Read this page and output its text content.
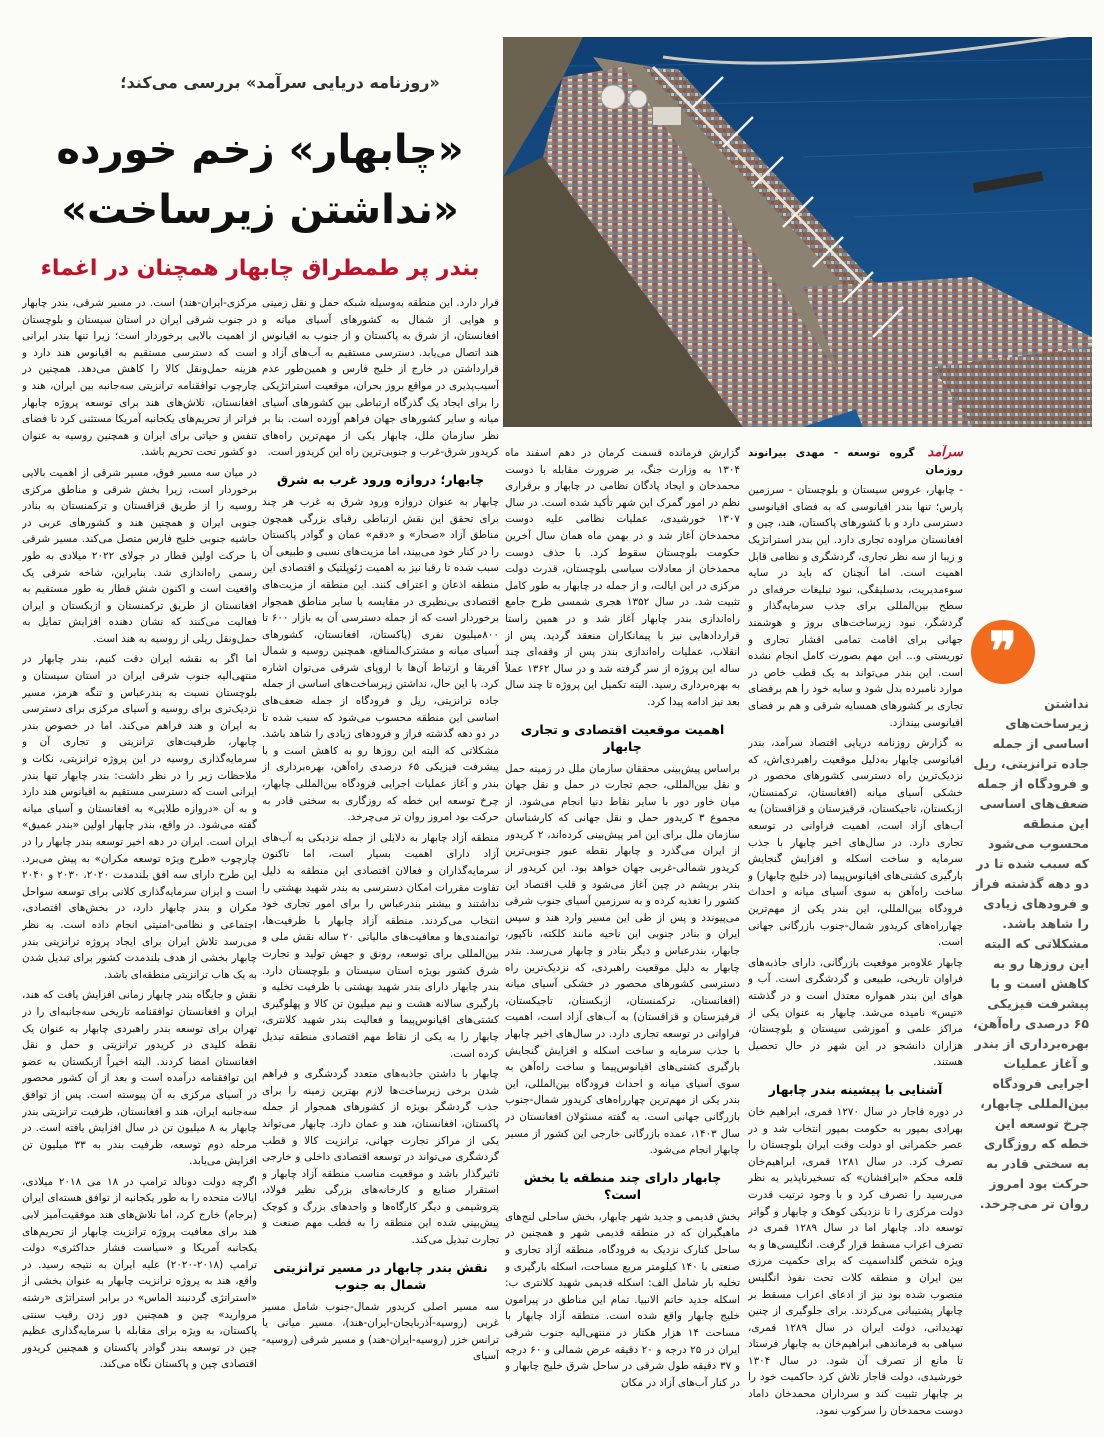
«روزنامه دریایی سرآمد» بررسی می‌کند؛
«چابهار» زخم خورده
«نداشتن زیرساخت»
بندر پر طمطراق چابهار همچنان در اغماء

سرآمد گروه توسعه - مهدی بیرانوند روزمان

- چابهار، عروس سیستان و بلوچستان - سرزمین پارس؛ تنها بندر اقیانوسی که به فضای اقیانوسی دسترسی دارد و با کشورهای پاکستان، هند، چین و افغانستان مراوده تجاری دارد. این بندر استراتژیک و زیبا از سه نظر تجاری، گردشگری و نظامی قابل اهمیت است. اما آنچنان که باید در سایه سوءمدیریت، بدسلیقگی، نبود تبلیغات حرفه‌ای در سطح بین‌المللی برای جذب سرمایه‌گذار و گردشگر، نبود زیرساخت‌های بروز و هوشمند جهانی برای اقامت تمامی اقشار تجاری و توریستی و... این مهم بصورت کامل انجام نشده است. این بندر می‌تواند به یک قطب خاص در موارد نامبرده بدل شود و سایه خود را هم برفضای تجاری بر کشورهای همسایه شرقی و هم بر فضای اقیانوسی بیندازد.

به گزارش روزنامه دریایی اقتصاد سرآمد، بندر اقیانوسی چابهار به‌دلیل موقعیت راهبردی‌اش، که نزدیک‌ترین راه دسترسی کشورهای محصور در خشکی آسیای میانه (افغانستان، ترکمنستان، ازبکستان، تاجیکستان، قرقیزستان و قزاقستان) به آب‌های آزاد است، اهمیت فراوانی در توسعه تجاری دارد. در سال‌های اخیر چابهار با جذب سرمایه و ساخت اسکله و افزایش گنجایش بارگیری کشتی‌های اقیانوس‌پیما (در خلیج چابهار) و ساخت راه‌آهن به سوی آسیای میانه و احداث فرودگاه بین‌المللی، این بندر یکی از مهم‌ترین چهارراه‌های کریدور شمال-جنوب بازرگانی جهانی است.

چابهار علاوه‌بر موقعیت بازرگانی، دارای جاذبه‌های فراوان تاریخی، طبیعی و گردشگری است. آب و هوای این بندر همواره معتدل است و در گذشته «تیس» نامیده می‌شد. چابهار به عنوان یکی از مراکز علمی و آموزشی سیستان و بلوچستان، هزاران دانشجو در این شهر در حال تحصیل هستند.

آشنایی با پیشینه بندر چابهار

در دوره قاجار در سال ۱۲۷۰ قمری، ابراهیم خان بهرادی بمپور به حکومت بمپور انتخاب شد و در عصر حکمرانی او دولت وقت ایران بلوچستان را تصرف کرد. در سال ۱۲۸۱ قمری، ابراهیم‌خان قلعه محکم «ابرافشان» که تسخیرناپذیر به نظر می‌رسید را تصرف کرد و با وجود ترتیب قدرت دولت مرکزی را تا نزدیکی کوهک و چابهار و گواتر توسعه داد. چابهار اما در سال ۱۲۸۹ قمری در تصرف اعراب مسقط قرار گرفت. انگلیسی‌ها و به ویژه شخص گلداسمیت که برای حکمیت مرزی بین ایران و منطقه کلات تحت نفوذ انگلیس منصوب شده بود نیز از ادعای اعراب مسقط بر چابهار پشتیبانی می‌کردند. برای جلوگیری از چنین تهدیداتی، دولت ایران در سال ۱۲۸۹ قمری، سپاهی به فرماندهی ابراهیم‌خان به چابهار فرستاد تا مانع از تصرف آن شود. در سال ۱۳۰۴ خورشیدی، دولت قاجار تلاش کرد حاکمیت خود را بر چابهار تثبیت کند و سرداران محمدخان داماد دوست محمدخان را سرکوب نمود.

گزارش فرمانده قسمت کرمان در دهم اسفند ماه ۱۳۰۴ به وزارت جنگ، بر ضرورت مقابله با دوست محمدخان و ایجاد پادگان نظامی در چابهار و برقراری نظم در امور گمرک این شهر تأکید شده است. در سال ۱۳۰۷ خورشیدی، عملیات نظامی علیه دوست محمدخان آغاز شد و در بهمن ماه همان سال آخرین حکومت بلوچستان سقوط کرد. با حذف دوست محمدخان از معادلات سیاسی بلوچستان، قدرت دولت مرکزی در این ایالت، و از جمله در چابهار به طور کامل تثبیت شد. در سال ۱۳۵۲ هجری شمسی طرح جامع راه‌اندازی بندر چابهار آغاز شد و در همین راستا قراردادهایی نیز با پیمانکاران منعقد گردید. پس از انقلاب، عملیات راه‌اندازی بندر پس از وقفه‌ای چند ساله این پروژه از سر گرفته شد و در سال ۱۳۶۲ عملاً به بهره‌برداری رسید. البته تکمیل این پروژه تا چند سال بعد نیز ادامه پیدا کرد.

اهمیت موقعیت اقتصادی و تجاری چابهار

براساس پیش‌بینی محققان سازمان ملل در زمینه حمل و نقل بین‌المللی، حجم تجارت در حمل و نقل جهان میان خاور دور با سایر نقاط دنیا انجام می‌شود. از مجموع ۳ کریدور حمل و نقل جهانی که کارشناسان سازمان ملل برای این امر پیش‌بینی کرده‌اند، ۲ کریدور از ایران می‌گذرد و چابهار نقطه عبور جنوبی‌ترین کریدور شمالی-غربی جهان خواهد بود. این کریدور از بندر بریشم در چین آغاز می‌شود و قلب اقتصاد این کشور را تغذیه کرده و به سرزمین آسیای جنوب شرقی می‌پیوندد و پس از طی این مسیر وارد هند و سپس ایران و بنادر جنوبی این ناحیه مانند کلکته، ناکپور، جابهار، بندرعباس و دیگر بنادر و چابهار می‌رسد. بندر چابهار به دلیل موقعیت راهبردی، که نزدیک‌ترین راه دسترسی کشورهای محصور در خشکی آسیای میانه (افغانستان، ترکمنستان، ازبکستان، تاجیکستان، قرقیزستان و قزاقستان) به آب‌های آزاد است، اهمیت فراوانی در توسعه تجاری دارد. در سال‌های اخیر چابهار با جذب سرمایه و ساخت اسکله و افزایش گنجایش بارگیری کشتی‌های اقیانوس‌پیما و ساخت راه‌آهن به سوی آسیای میانه و احداث فرودگاه بین‌المللی، این بندر یکی از مهم‌ترین چهارراه‌های کریدور شمال-جنوب بازرگانی جهانی است. به گفته مسئولان افغانستان در سال ۱۴۰۳، عمده بازرگانی خارجی این کشور از مسیر چابهار انجام می‌شود.

چابهار دارای چند منطقه یا بخش است؟

بخش قدیمی و جدید شهر چابهار، بخش ساحلی لنج‌های ماهیگیران که در منطقه قدیمی شهر و همچنین در ساحل کنارک نزدیک به فرودگاه، منطقه آزاد تجاری و صنعتی با ۱۴۰ کیلومتر مربع مساحت، اسکله بارگیری و تخلیه بار شامل الف: اسکله قدیمی شهید کلانتری ب: اسکله جدید خاتم الانبیا. تمام این مناطق در پیرامون خلیج چابهار واقع شده است. منطقه آزاد چابهار با مساحت ۱۴ هزار هکتار در منتهی‌الیه جنوب شرقی ایران در ۲۵ درجه و ۲۰ دقیقه عرض شمالی و ۶۰ درجه و ۳۷ دقیقه طول شرقی در ساحل شرق خلیج چابهار و در کنار آب‌های آزاد در مکان

قرار دارد. این منطقه به‌وسیله شبکه حمل و نقل زمینی و هوایی از شمال به کشورهای آسیای میانه و افغانستان، از شرق به پاکستان و از جنوب به اقیانوس هند اتصال می‌یابد. دسترسی مستقیم به آب‌های آزاد و قرارداشتن در خارج از خلیج فارس و همین‌طور عدم آسیب‌پذیری در مواقع بروز بحران، موقعیت استراتژیکی را برای ایجاد یک گذرگاه ارتباطی بین کشورهای آسیای میانه و سایر کشورهای جهان فراهم آورده است. بنا بر نظر سازمان ملل، چابهار یکی از مهم‌ترین راه‌های کریدور شرق-غرب و جنوبی‌ترین راه این کریدور است.

چابهار؛ دروازه ورود غرب به شرق

چابهار به عنوان دروازه ورود شرق به غرب هر چند برای تحقق این نقش ارتباطی رقبای بزرگی همچون مناطق آزاد «صحار» و «دقم» عمان و گوادر پاکستان را در کنار خود می‌بیند، اما مزیت‌های نسبی و طبیعی آن سبب شده تا رقبا نیز به اهمیت ژئوپلتیک و اقتصادی این منطقه اذعان و اعتراف کنند. این منطقه از مزیت‌های اقتصادی بی‌نظیری در مقایسه با سایر مناطق همجوار برخوردار است که از جمله دسترسی آن به بازار ۶۰۰ تا ۸۰۰میلیون نفری (پاکستان، افغانستان، کشورهای آسیای میانه و مشترک‌المنافع، همچنین روسیه و شمال آفریقا و ارتباط آن‌ها با اروپای شرقی می‌توان اشاره کرد. با این حال، نداشتن زیرساخت‌های اساسی از جمله جاده ترانزیتی، ریل و فرودگاه از جمله ضعف‌های اساسی این منطقه محسوب می‌شود که سبب شده تا در دو دهه گذشته فراز و فرودهای زیادی را شاهد باشد. مشکلاتی که البته این روزها رو به کاهش است و با پیشرفت فیزیکی ۶۵ درصدی راه‌آهن، بهره‌برداری از بندر و آغاز عملیات اجرایی فرودگاه بین‌المللی چابهار، چرخ توسعه این خطه که روزگاری به سختی قادر به حرکت بود امروز روان تر می‌چرخد.

منطقه آزاد چابهار به دلایلی از جمله نزدیکی به آب‌های آزاد دارای اهمیت بسیار است، اما تاکنون سرمایه‌گذاران و فعالان اقتصادی این منطقه به دلیل تفاوت مقررات امکان دسترسی به بندر شهید بهشتی را نداشتند و بیشتر بندرعباس را برای امور تجاری خود انتخاب می‌کردند. منطقه آزاد چابهار با ظرفیت‌ها، توانمندی‌ها و معافیت‌های مالیاتی ۲۰ ساله نقش ملی و بین‌المللی برای توسعه، رونق و جهش تولید و تجارت شرق کشور بویژه استان سیستان و بلوچستان دارد. بندر چابهار دارای بندر شهید بهشتی با ظرفیت تخلیه و بارگیری سالانه هشت و نیم میلیون تن کالا و پهلوگیری کشتی‌های اقیانوس‌پیما و فعالیت بندر شهید کلانتری، چابهار را به یکی از نقاط مهم اقتصادی منطقه تبدیل کرده است.

چابهار با داشتن جاذبه‌های متعدد گردشگری و فراهم شدن برخی زیرساخت‌ها لازم بهترین زمینه را برای جذب گردشگر بویژه از کشورهای همجوار از جمله پاکستان، افغانستان، هند و عمان دارد. چابهار می‌تواند یکی از مراکز تجارت جهانی، ترانزیت کالا و قطب گردشگری می‌تواند در توسعه اقتصادی داخلی و خارجی تاثیرگذار باشد و موقعیت مناسب منطقه آزاد چابهار و استقرار صنایع و کارخانه‌های بزرگی نظیر فولاد، پتروشیمی و دیگر کارگاه‌ها و واحدهای بزرگ و کوچک پیش‌بینی شده این منطقه را به قطب مهم صنعت و تجارت تبدیل می‌کند.

نقش بندر چابهار در مسیر ترانزیتی شمال به جنوب

سه مسیر اصلی کریدور شمال-جنوب شامل مسیر غربی (روسیه-آذربایجان-ایران-هند)، مسیر میانی یا ترانس خزر (روسیه-ایران-هند) و مسیر شرقی (روسیه-آسیای

مرکزی-ایران-هند) است. در مسیر شرقی، بندر چابهار در جنوب شرقی ایران در استان سیستان و بلوچستان از اهمیت بالایی برخوردار است؛ زیرا تنها بندر ایرانی است که دسترسی مستقیم به اقیانوس هند دارد و هزینه حمل‌ونقل کالا را کاهش می‌دهد. همچنین در چارچوب توافقنامه ترانزیتی سه‌جانبه بین ایران، هند و افغانستان، تلاش‌های هند برای توسعه پروژه چابهار فراتر از تحریم‌های یکجانبه آمریکا مستثنی کرد تا فضای تنفس و حیاتی برای ایران و همچنین روسیه به عنوان دو کشور تحت تحریم باشد.

در میان سه مسیر فوق، مسیر شرقی از اهمیت بالایی برخوردار است، زیرا بخش شرقی و مناطق مرکزی روسیه را از طریق قزاقستان و ترکمنستان به بنادر جنوبی ایران و همچنین هند و کشورهای عربی در حاشیه جنوبی خلیج فارس متصل می‌کند. مسیر شرقی با حرکت اولین قطار در جولای ۲۰۲۲ میلادی به طور رسمی راه‌اندازی شد. بنابراین، شاخه شرقی یک واقعیت است و اکنون شش قطار به طور مستقیم به افغانستان از طریق ترکمنستان و ازبکستان و ایران فعالیت می‌کنند که نشان دهنده افزایش تمایل به حمل‌ونقل ریلی از روسیه به هند است.

اما اگر به نقشه ایران دقت کنیم، بندر چابهار در منتهی‌الیه جنوب شرقی ایران در استان سیستان و بلوچستان نسبت به بندرعباس و تنگه هرمز، مسیر نزدیک‌تری برای روسیه و آسیای مرکزی برای دسترسی به ایران و هند فراهم می‌کند. اما در خصوص بندر چابهار، ظرفیت‌های ترانزیتی و تجاری آن و سرمایه‌گذاری روسیه در این پروژه ترانزیتی، نکات و ملاحظات زیر را در نظر داشت: بندر چابهار تنها بندر ایرانی است که دسترسی مستقیم به اقیانوس هند دارد و به آن «دروازه طلایی» به افغانستان و آسیای میانه گفته می‌شود. در واقع، بندر چابهار اولین «بندر عمیق» ایران است. ایران در دهه اخیر توسعه بندر چابهار را در چارچوب «طرح ویژه توسعه مکران» به پیش می‌برد. این طرح دارای سه افق بلندمدت ۲۰۲۰، ۲۰۳۰ و ۲۰۴۰ است و ایران سرمایه‌گذاری کلانی برای توسعه سواحل مکران و بندر چابهار دارد، در بخش‌های اقتصادی، اجتماعی و نظامی-امنیتی انجام داده است. به نظر می‌رسد تلاش ایران برای ایجاد پروژه ترانزیتی بندر چابهار بخشی از هدف بلندمدت کشور برای تبدیل شدن به یک هاب ترانزیتی منطقه‌ای باشد.

نقش و جایگاه بندر چابهار زمانی افزایش یافت که هند، ایران و افغانستان توافقنامه تاریخی سه‌جانبه‌ای را در تهران برای توسعه بندر راهبردی چابهار به عنوان یک نقطه کلیدی در کریدور ترانزیتی و حمل و نقل افغانستان امضا کردند. البته اخیراً ازبکستان به عضو این توافقنامه درآمده است و بعد از آن کشور محصور در آسیای مرکزی به آن پیوسته است. پس از توافق سه‌جانبه ایران، هند و افغانستان، ظرفیت ترانزیتی بندر چابهار به ۸ میلیون تن در سال افزایش یافته است. در مرحله دوم توسعه، ظرفیت بندر به ۳۳ میلیون تن افزایش می‌یابد.

اگرچه دولت دونالد ترامپ در ۱۸ می ۲۰۱۸ میلادی، ایالات متحده را به طور یکجانبه از توافق هسته‌ای ایران (برجام) خارج کرد، اما تلاش‌های هند موفقیت‌آمیز لابی هند برای معافیت پروژه ترانزیت چابهار از تحریم‌های یکجانبه آمریکا و «سیاست فشار حداکثری» دولت ترامپ (۲۰۱۸-۲۰۲۰) علیه ایران به نتیجه رسید. در واقع، هند به پروژه ترانزیت چابهار به عنوان بخشی از «استراتژی گردنبند الماس» در برابر استراتژی «رشته مروارید» چین و همچنین دور زدن رقیب سنتی پاکستان، به ویژه برای مقابله با سرمایه‌گذاری عظیم چین در توسعه بندر گوادر پاکستان و همچنین کریدور اقتصادی چین و پاکستان نگاه می‌کند.

❞
نداشتن زیرساخت‌های اساسی از جمله جاده ترانزیتی، ریل و فرودگاه از جمله ضعف‌های اساسی این منطقه محسوب می‌شود که سبب شده تا در دو دهه گذشته فراز و فرودهای زیادی را شاهد باشد. مشکلاتی که البته این روزها رو به کاهش است و با پیشرفت فیزیکی ۶۵ درصدی راه‌آهن، بهره‌برداری از بندر و آغاز عملیات اجرایی فرودگاه بین‌المللی چابهار، چرخ توسعه این خطه که روزگاری به سختی قادر به حرکت بود امروز روان تر می‌چرخد.
